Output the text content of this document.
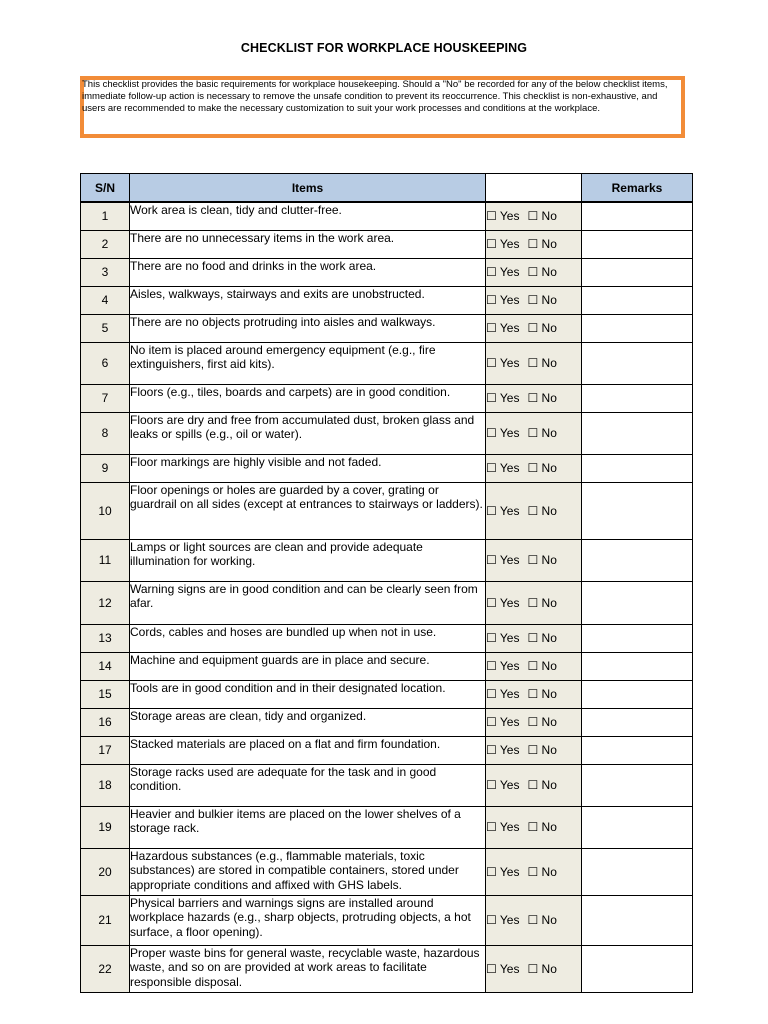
CHECKLIST FOR WORKPLACE HOUSKEEPING
This checklist provides the basic requirements for workplace housekeeping. Should a "No" be recorded for any of the below checklist items, immediate follow-up action is necessary to remove the unsafe condition to prevent its reoccurrence. This checklist is non-exhaustive, and users are recommended to make the necessary customization to suit your work processes and conditions at the workplace.
S/N	Items		Remarks
1	Work area is clean, tidy and clutter-free.	☐ Yes ☐ No	
2	There are no unnecessary items in the work area.	☐ Yes ☐ No	
3	There are no food and drinks in the work area.	☐ Yes ☐ No	
4	Aisles, walkways, stairways and exits are unobstructed.	☐ Yes ☐ No	
5	There are no objects protruding into aisles and walkways.	☐ Yes ☐ No	
6	No item is placed around emergency equipment (e.g., fire extinguishers, first aid kits).	☐ Yes ☐ No	
7	Floors (e.g., tiles, boards and carpets) are in good condition.	☐ Yes ☐ No	
8	Floors are dry and free from accumulated dust, broken glass and leaks or spills (e.g., oil or water).	☐ Yes ☐ No	
9	Floor markings are highly visible and not faded.	☐ Yes ☐ No	
10	Floor openings or holes are guarded by a cover, grating or guardrail on all sides (except at entrances to stairways or ladders).	☐ Yes ☐ No	
11	Lamps or light sources are clean and provide adequate illumination for working.	☐ Yes ☐ No	
12	Warning signs are in good condition and can be clearly seen from afar.	☐ Yes ☐ No	
13	Cords, cables and hoses are bundled up when not in use.	☐ Yes ☐ No	
14	Machine and equipment guards are in place and secure.	☐ Yes ☐ No	
15	Tools are in good condition and in their designated location.	☐ Yes ☐ No	
16	Storage areas are clean, tidy and organized.	☐ Yes ☐ No	
17	Stacked materials are placed on a flat and firm foundation.	☐ Yes ☐ No	
18	Storage racks used are adequate for the task and in good condition.	☐ Yes ☐ No	
19	Heavier and bulkier items are placed on the lower shelves of a storage rack.	☐ Yes ☐ No	
20	Hazardous substances (e.g., flammable materials, toxic substances) are stored in compatible containers, stored under appropriate conditions and affixed with GHS labels.	☐ Yes ☐ No	
21	Physical barriers and warnings signs are installed around workplace hazards (e.g., sharp objects, protruding objects, a hot surface, a floor opening).	☐ Yes ☐ No	
22	Proper waste bins for general waste, recyclable waste, hazardous waste, and so on are provided at work areas to facilitate responsible disposal.	☐ Yes ☐ No	
